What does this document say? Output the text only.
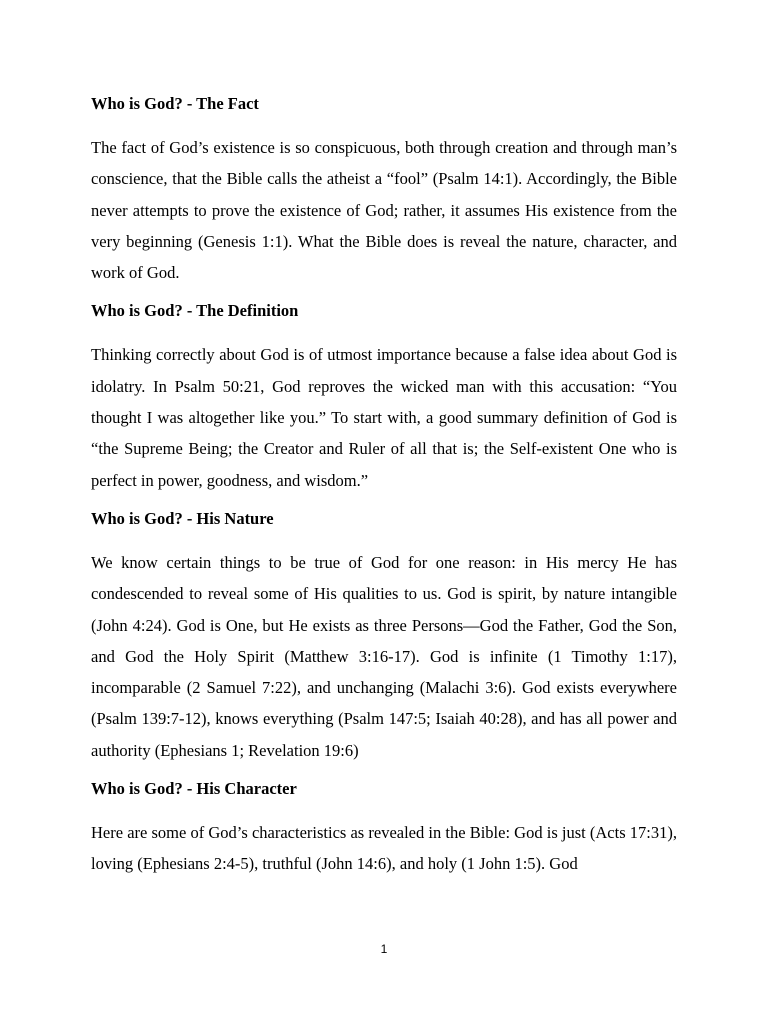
Who is God? - The Fact
The fact of God’s existence is so conspicuous, both through creation and through man’s conscience, that the Bible calls the atheist a “fool” (Psalm 14:1). Accordingly, the Bible never attempts to prove the existence of God; rather, it assumes His existence from the very beginning (Genesis 1:1). What the Bible does is reveal the nature, character, and work of God.
Who is God? - The Definition
Thinking correctly about God is of utmost importance because a false idea about God is idolatry. In Psalm 50:21, God reproves the wicked man with this accusation: “You thought I was altogether like you.” To start with, a good summary definition of God is “the Supreme Being; the Creator and Ruler of all that is; the Self-existent One who is perfect in power, goodness, and wisdom.”
Who is God? - His Nature
We know certain things to be true of God for one reason: in His mercy He has condescended to reveal some of His qualities to us. God is spirit, by nature intangible (John 4:24). God is One, but He exists as three Persons—God the Father, God the Son, and God the Holy Spirit (Matthew 3:16-17). God is infinite (1 Timothy 1:17), incomparable (2 Samuel 7:22), and unchanging (Malachi 3:6). God exists everywhere (Psalm 139:7-12), knows everything (Psalm 147:5; Isaiah 40:28), and has all power and authority (Ephesians 1; Revelation 19:6)
Who is God? - His Character
Here are some of God’s characteristics as revealed in the Bible: God is just (Acts 17:31), loving (Ephesians 2:4-5), truthful (John 14:6), and holy (1 John 1:5). God
1
